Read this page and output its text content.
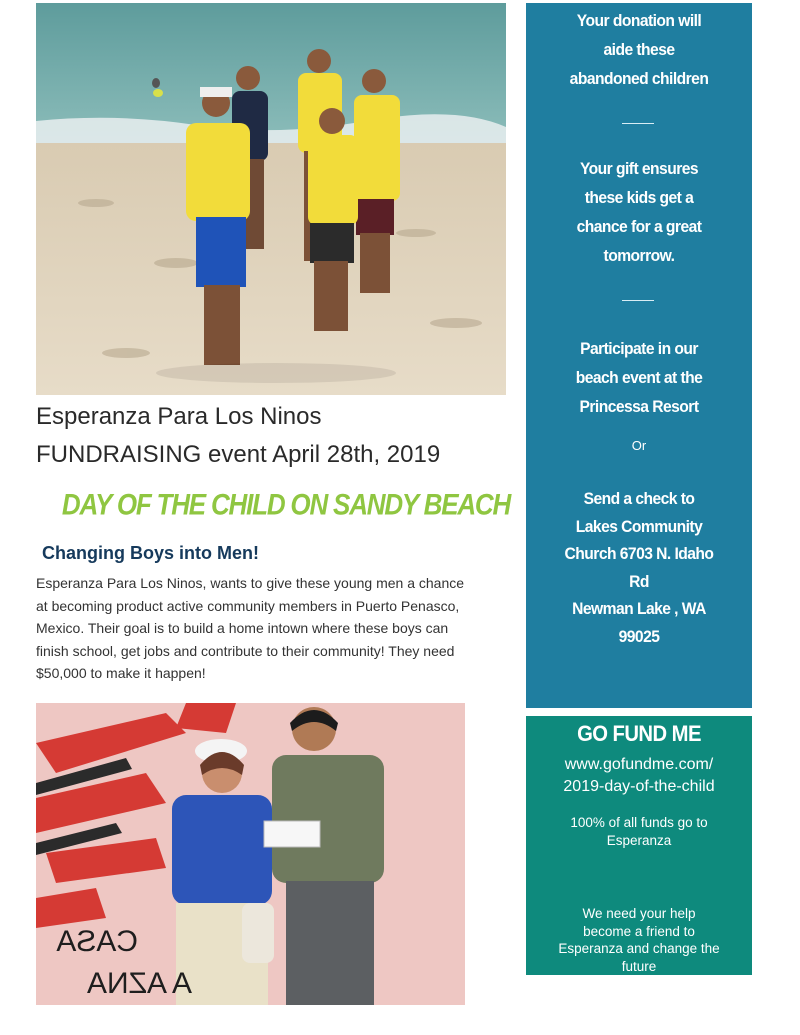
Esperanza Para Los Ninos
FUNDRAISING event April 28th, 2019
DAY OF THE CHILD ON SANDY BEACH
Changing Boys into Men!
Esperanza Para Los Ninos, wants to give these young men a chance
at becoming product active community members in Puerto Penasco,
Mexico. Their goal is to build a home intown where these boys can
finish school, get jobs and contribute to their community! They need
$50,000 to make it happen!
CASA
A AZNA
Your donation will
aide these
abandoned children
Your gift ensures
these kids get a
chance for a great
tomorrow.
Participate in our
beach event at the
Princessa Resort
Or
Send a check to
Lakes Community
Church 6703 N. Idaho
Rd
Newman Lake , WA
99025
GO FUND ME
www.gofundme.com/
2019-day-of-the-child
100% of all funds go to
Esperanza
We need your help
become a friend to
Esperanza and change the
future
